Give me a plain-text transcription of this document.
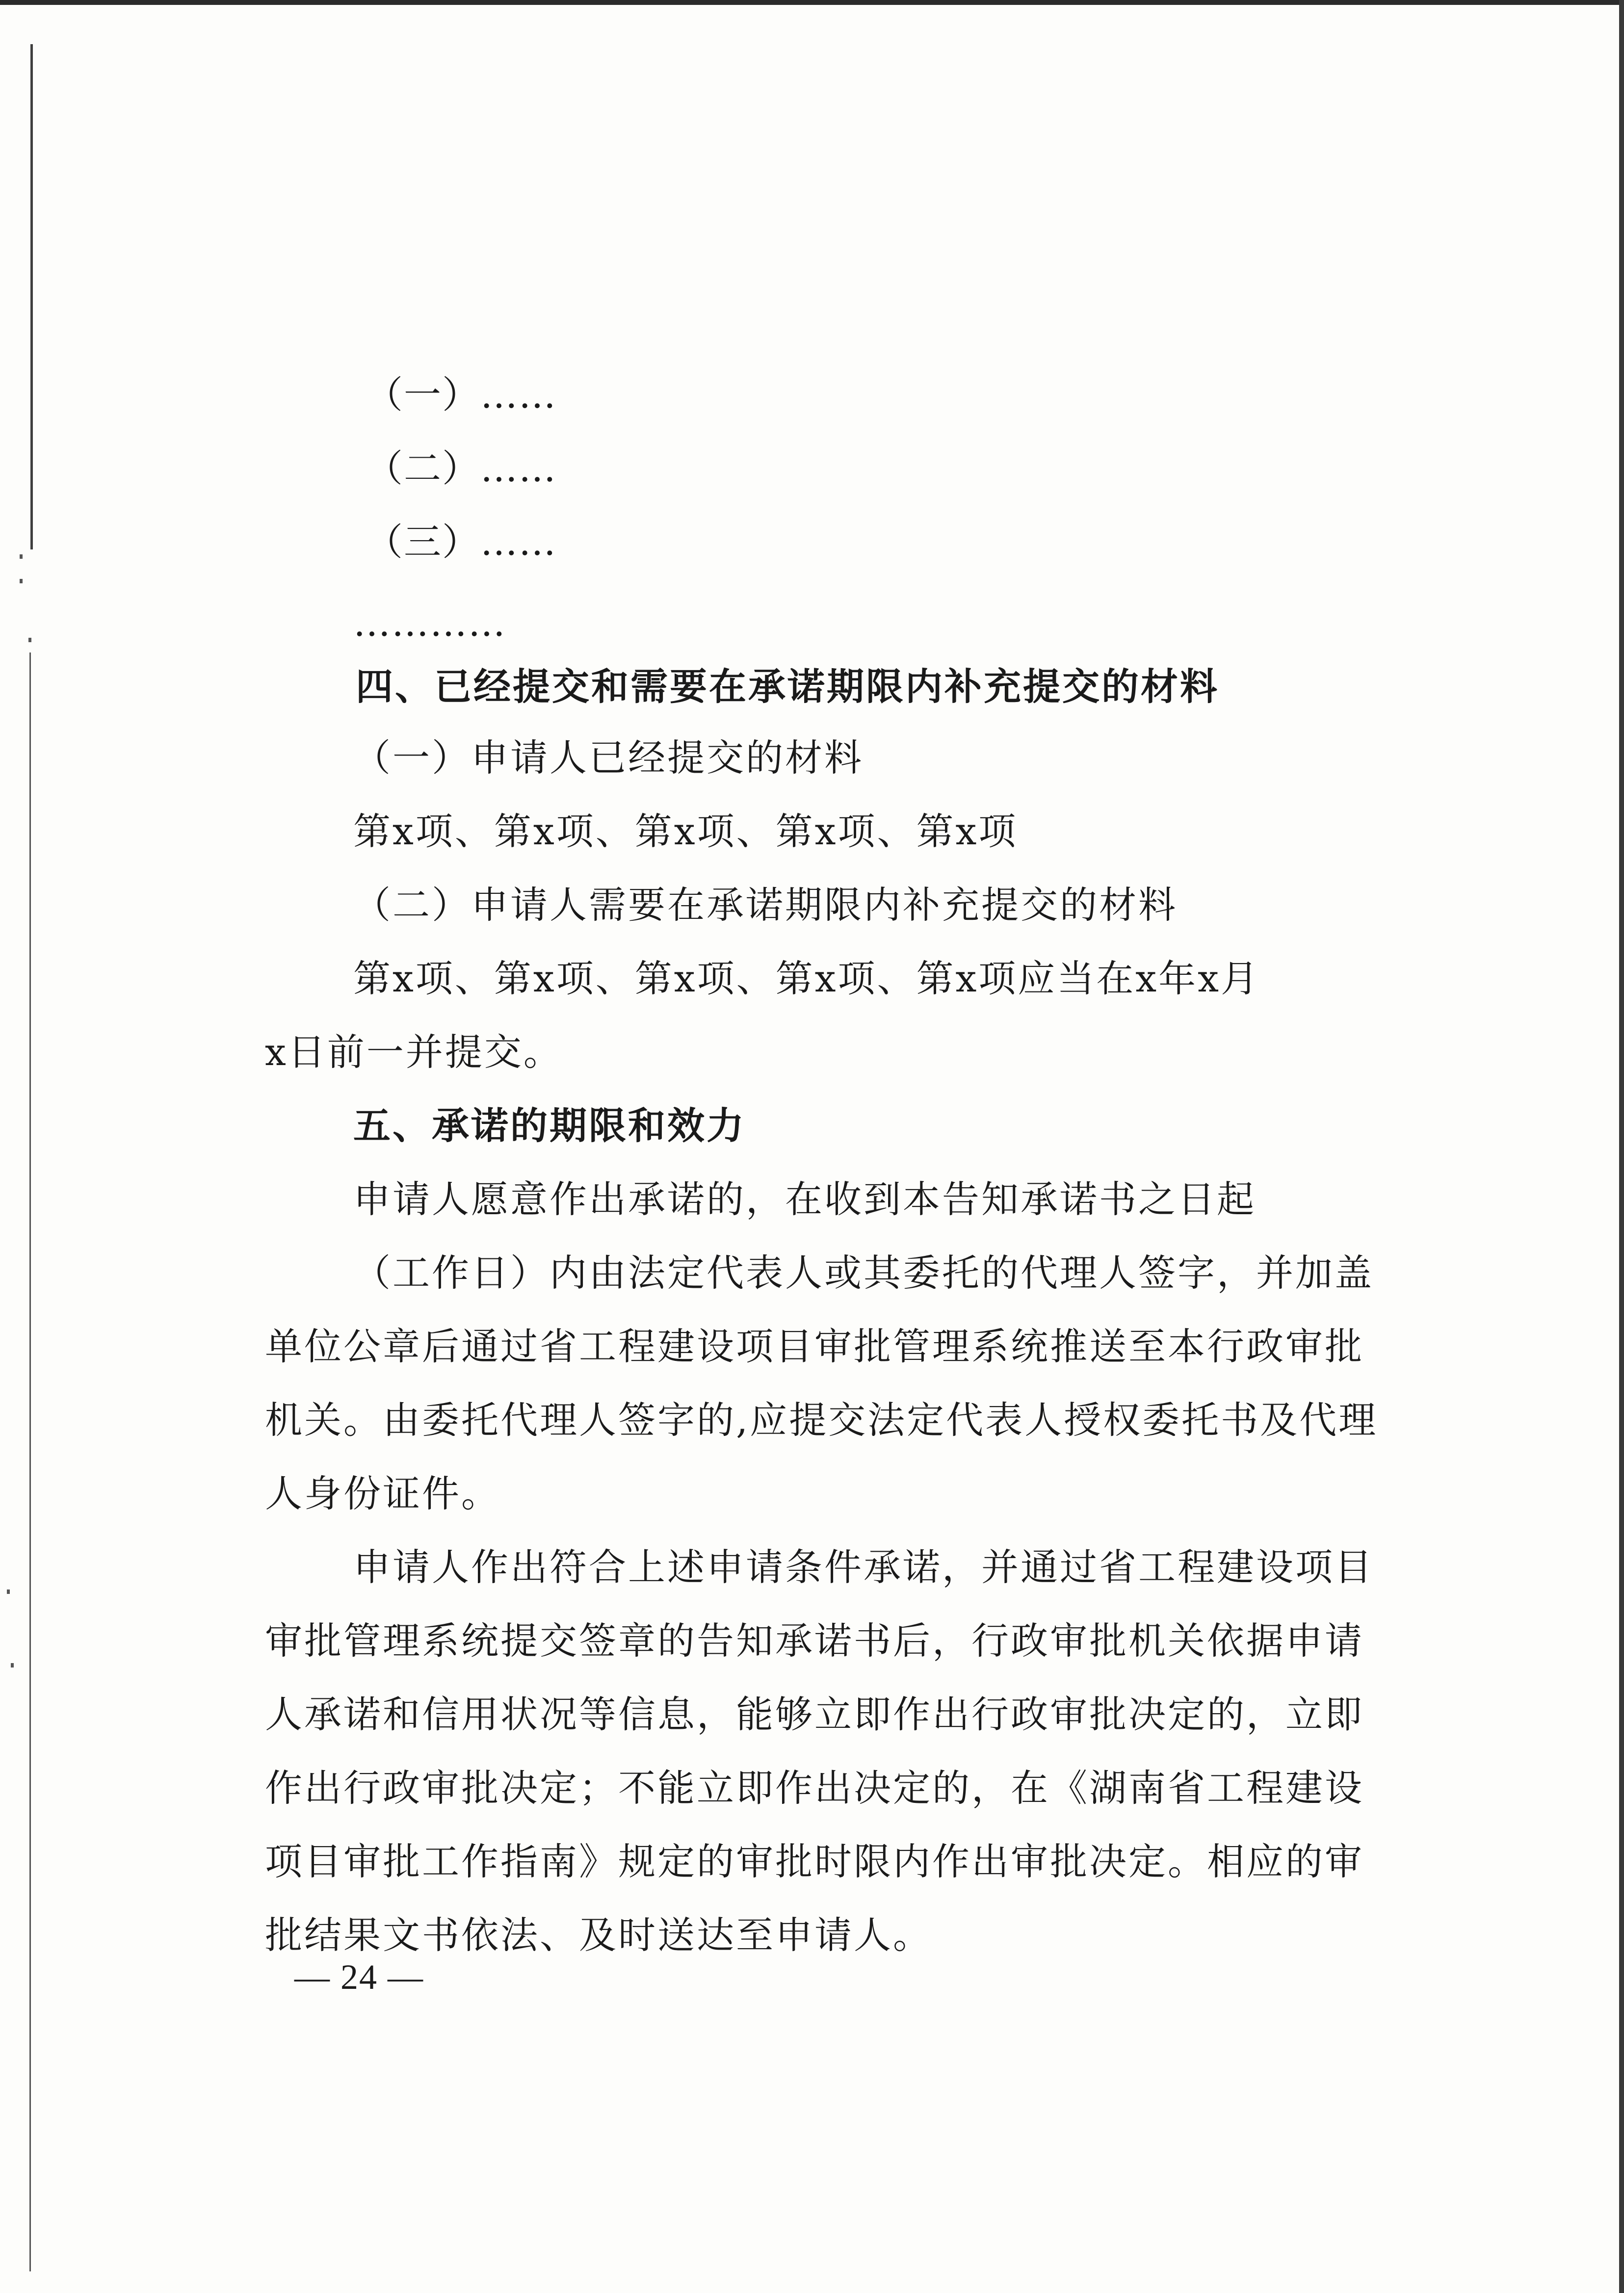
（一）……
（二）……
（三）……
…………
四、已经提交和需要在承诺期限内补充提交的材料
（一）申请人已经提交的材料
第x项、第x项、第x项、第x项、第x项
（二）申请人需要在承诺期限内补充提交的材料
第x项、第x项、第x项、第x项、第x项应当在x年x月
x日前一并提交。
五、承诺的期限和效力
申请人愿意作出承诺的，在收到本告知承诺书之日起
（工作日）内由法定代表人或其委托的代理人签字，并加盖
单位公章后通过省工程建设项目审批管理系统推送至本行政审批
机关。由委托代理人签字的,应提交法定代表人授权委托书及代理
人身份证件。
申请人作出符合上述申请条件承诺，并通过省工程建设项目
审批管理系统提交签章的告知承诺书后，行政审批机关依据申请
人承诺和信用状况等信息，能够立即作出行政审批决定的，立即
作出行政审批决定；不能立即作出决定的，在《湖南省工程建设
项目审批工作指南》规定的审批时限内作出审批决定。相应的审
批结果文书依法、及时送达至申请人。
— 24 —
